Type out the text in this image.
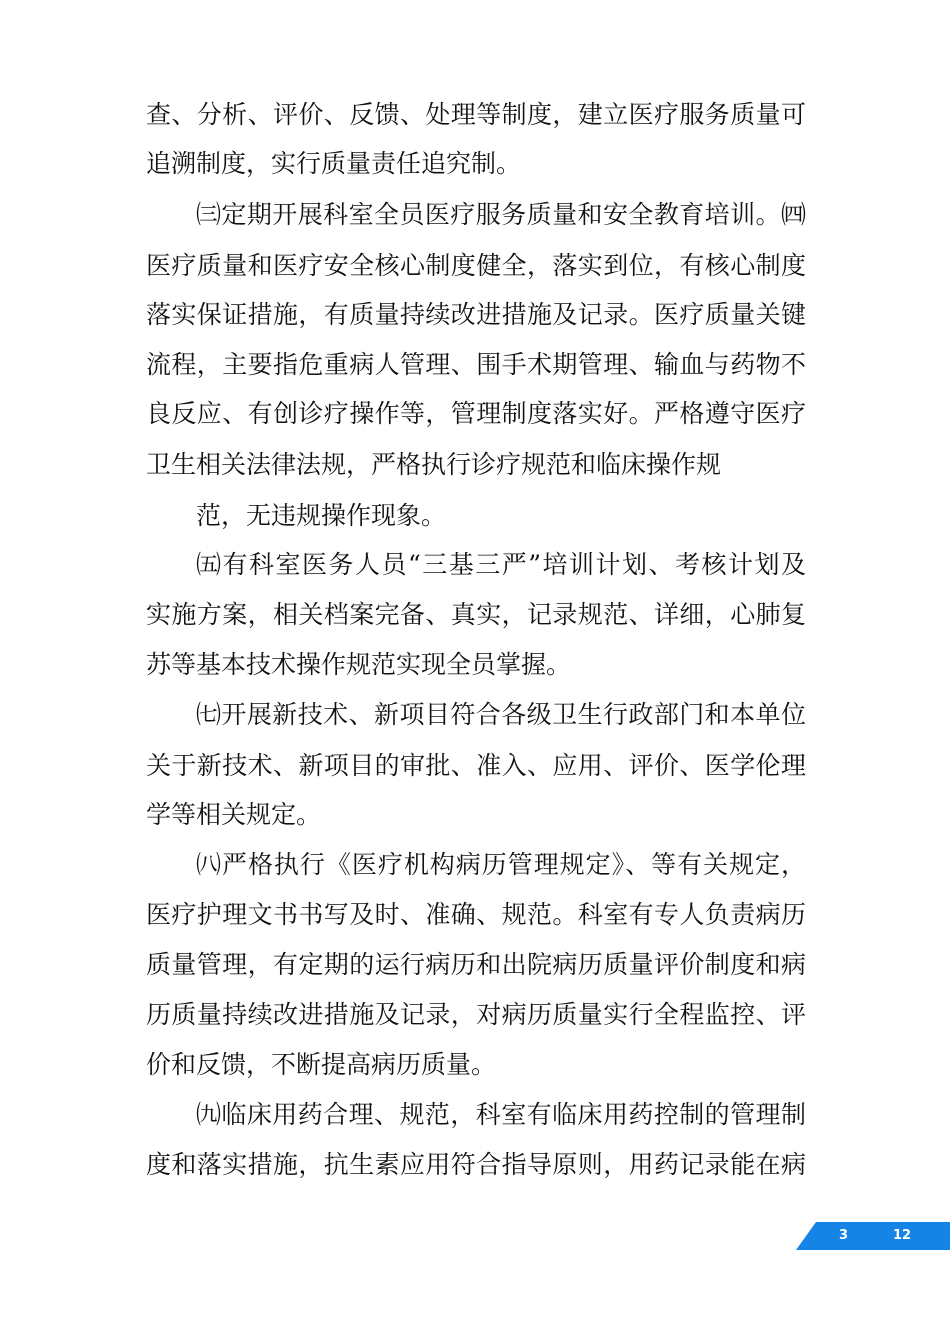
查、分析、评价、反馈、处理等制度，建立医疗服务质量可
追溯制度，实行质量责任追究制。
㈢定期开展科室全员医疗服务质量和安全教育培训。㈣
医疗质量和医疗安全核心制度健全，落实到位，有核心制度
落实保证措施，有质量持续改进措施及记录。医疗质量关键
流程，主要指危重病人管理、围手术期管理、输血与药物不
良反应、有创诊疗操作等，管理制度落实好。严格遵守医疗
卫生相关法律法规，严格执行诊疗规范和临床操作规
范，无违规操作现象。
㈤有科室医务人员“三基三严”培训计划、考核计划及
实施方案，相关档案完备、真实，记录规范、详细，心肺复
苏等基本技术操作规范实现全员掌握。
㈦开展新技术、新项目符合各级卫生行政部门和本单位
关于新技术、新项目的审批、准入、应用、评价、医学伦理
学等相关规定。
㈧严格执行《医疗机构病历管理规定》、等有关规定，
医疗护理文书书写及时、准确、规范。科室有专人负责病历
质量管理，有定期的运行病历和出院病历质量评价制度和病
历质量持续改进措施及记录，对病历质量实行全程监控、评
价和反馈，不断提高病历质量。
㈨临床用药合理、规范，科室有临床用药控制的管理制
度和落实措施，抗生素应用符合指导原则，用药记录能在病
3	12
